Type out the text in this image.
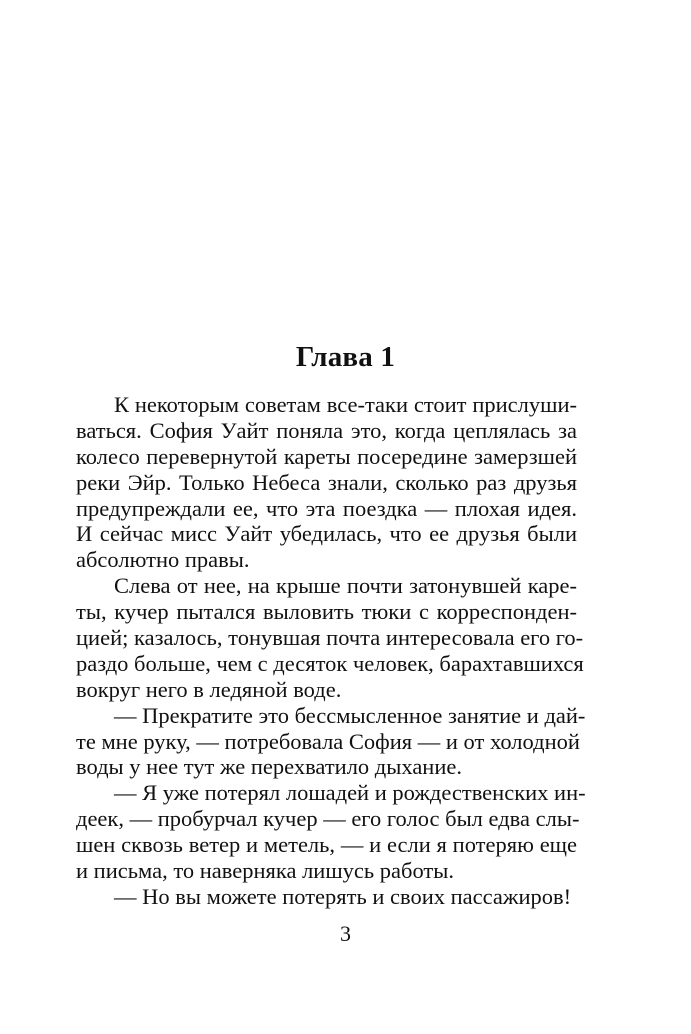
Глава 1
К некоторым советам все-таки стоит прислуши-
ваться. София Уайт поняла это, когда цеплялась за
колесо перевернутой кареты посередине замерзшей
реки Эйр. Только Небеса знали, сколько раз друзья
предупреждали ее, что эта поездка — плохая идея.
И сейчас мисс Уайт убедилась, что ее друзья были
абсолютно правы.
Слева от нее, на крыше почти затонувшей каре-
ты, кучер пытался выловить тюки с корреспонден-
цией; казалось, тонувшая почта интересовала его го-
раздо больше, чем с десяток человек, барахтавшихся
вокруг него в ледяной воде.
— Прекратите это бессмысленное занятие и дай-
те мне руку, — потребовала София — и от холодной
воды у нее тут же перехватило дыхание.
— Я уже потерял лошадей и рождественских ин-
деек, — пробурчал кучер — его голос был едва слы-
шен сквозь ветер и метель, — и если я потеряю еще
и письма, то наверняка лишусь работы.
— Но вы можете потерять и своих пассажиров!
3
